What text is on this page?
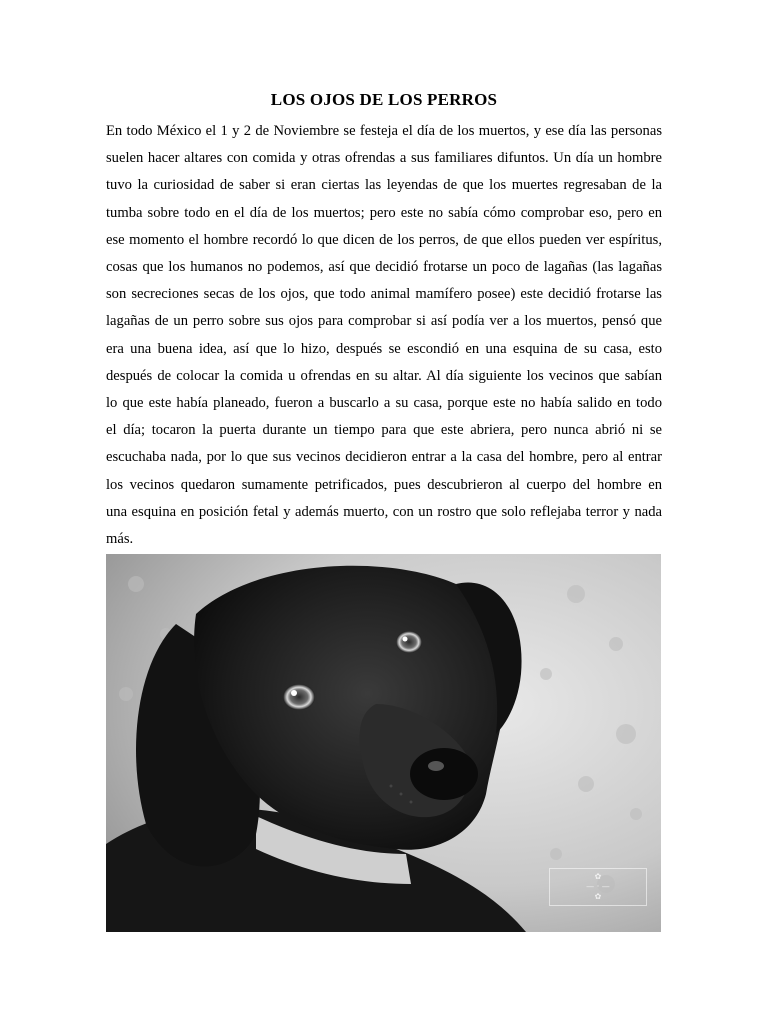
LOS OJOS DE LOS PERROS
En todo México el 1 y 2 de Noviembre se festeja el día de los muertos, y ese día las personas
suelen hacer altares con comida y otras ofrendas a sus familiares difuntos. Un día un hombre
tuvo la curiosidad de saber si eran ciertas las leyendas de que los muertes regresaban de la
tumba sobre todo en el día de los muertos; pero este no sabía cómo comprobar eso, pero en
ese momento el hombre recordó lo que dicen de los perros, de que ellos pueden ver espíritus,
cosas que los humanos no podemos, así que decidió frotarse un poco de lagañas (las lagañas
son secreciones secas de los ojos, que todo animal mamífero posee) este decidió frotarse las
lagañas de un perro sobre sus ojos para comprobar si así podía ver a los muertos, pensó que
era una buena idea, así que lo hizo, después se escondió en una esquina de su casa, esto
después de colocar la comida u ofrendas en su altar. Al día siguiente los vecinos que sabían
lo que este había planeado, fueron a buscarlo a su casa, porque este no había salido en todo
el día; tocaron la puerta durante un tiempo para que este abriera, pero nunca abrió ni se
escuchaba nada, por lo que sus vecinos decidieron entrar a la casa del hombre, pero al entrar
los vecinos quedaron sumamente petrificados, pues descubrieron al cuerpo del hombre en
una esquina en posición fetal y además muerto, con un rostro que solo reflejaba terror y nada
más.
✿
— · —
✿
